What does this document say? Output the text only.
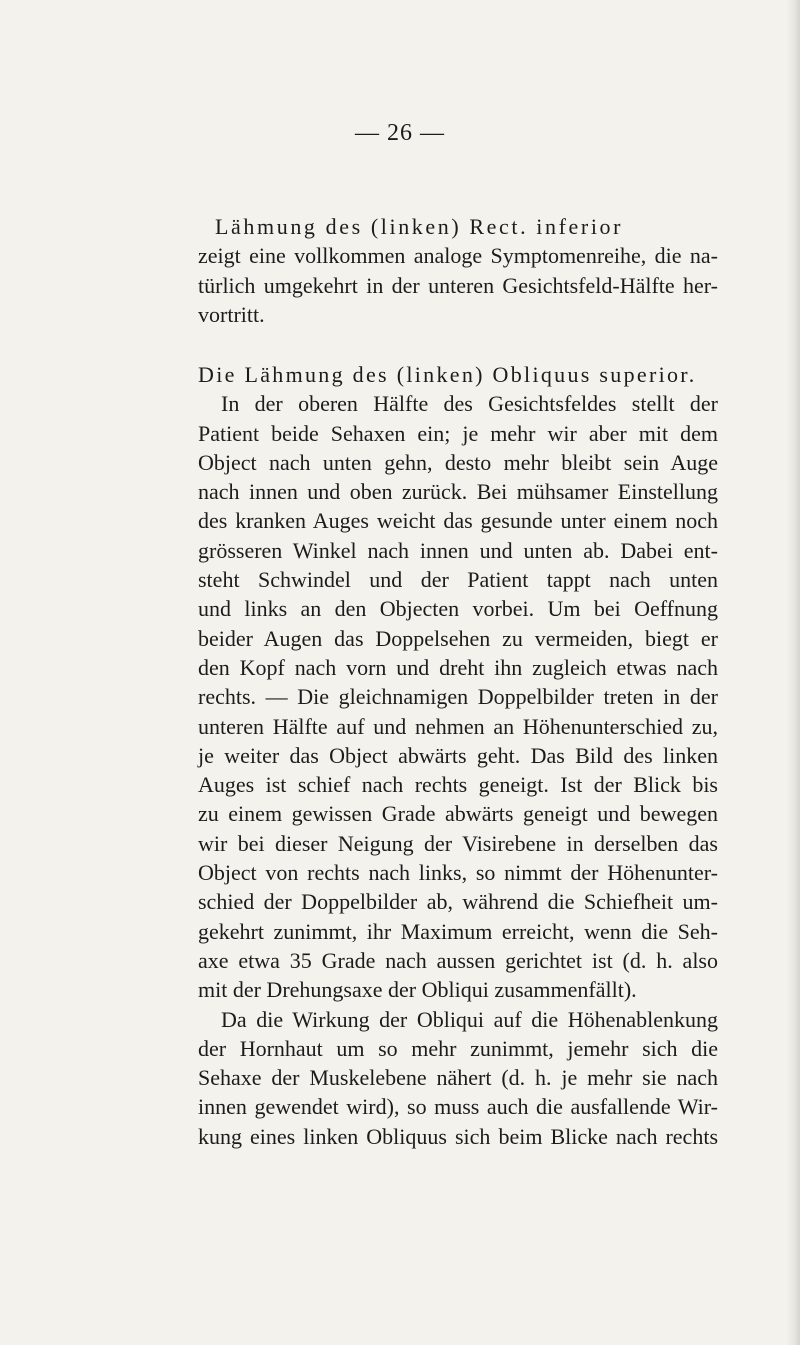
— 26 —
Lähmung des (linken) Rect. inferior
zeigt eine vollkommen analoge Symptomenreihe, die na-
türlich umgekehrt in der unteren Gesichtsfeld-Hälfte her-
vortritt.
Die Lähmung des (linken) Obliquus superior.
In der oberen Hälfte des Gesichtsfeldes stellt der
Patient beide Sehaxen ein; je mehr wir aber mit dem
Object nach unten gehn, desto mehr bleibt sein Auge
nach innen und oben zurück. Bei mühsamer Einstellung
des kranken Auges weicht das gesunde unter einem noch
grösseren Winkel nach innen und unten ab. Dabei ent-
steht Schwindel und der Patient tappt nach unten
und links an den Objecten vorbei. Um bei Oeffnung
beider Augen das Doppelsehen zu vermeiden, biegt er
den Kopf nach vorn und dreht ihn zugleich etwas nach
rechts. — Die gleichnamigen Doppelbilder treten in der
unteren Hälfte auf und nehmen an Höhenunterschied zu,
je weiter das Object abwärts geht. Das Bild des linken
Auges ist schief nach rechts geneigt. Ist der Blick bis
zu einem gewissen Grade abwärts geneigt und bewegen
wir bei dieser Neigung der Visirebene in derselben das
Object von rechts nach links, so nimmt der Höhenunter-
schied der Doppelbilder ab, während die Schiefheit um-
gekehrt zunimmt, ihr Maximum erreicht, wenn die Seh-
axe etwa 35 Grade nach aussen gerichtet ist (d. h. also
mit der Drehungsaxe der Obliqui zusammenfällt).
Da die Wirkung der Obliqui auf die Höhenablenkung
der Hornhaut um so mehr zunimmt, jemehr sich die
Sehaxe der Muskelebene nähert (d. h. je mehr sie nach
innen gewendet wird), so muss auch die ausfallende Wir-
kung eines linken Obliquus sich beim Blicke nach rechts
